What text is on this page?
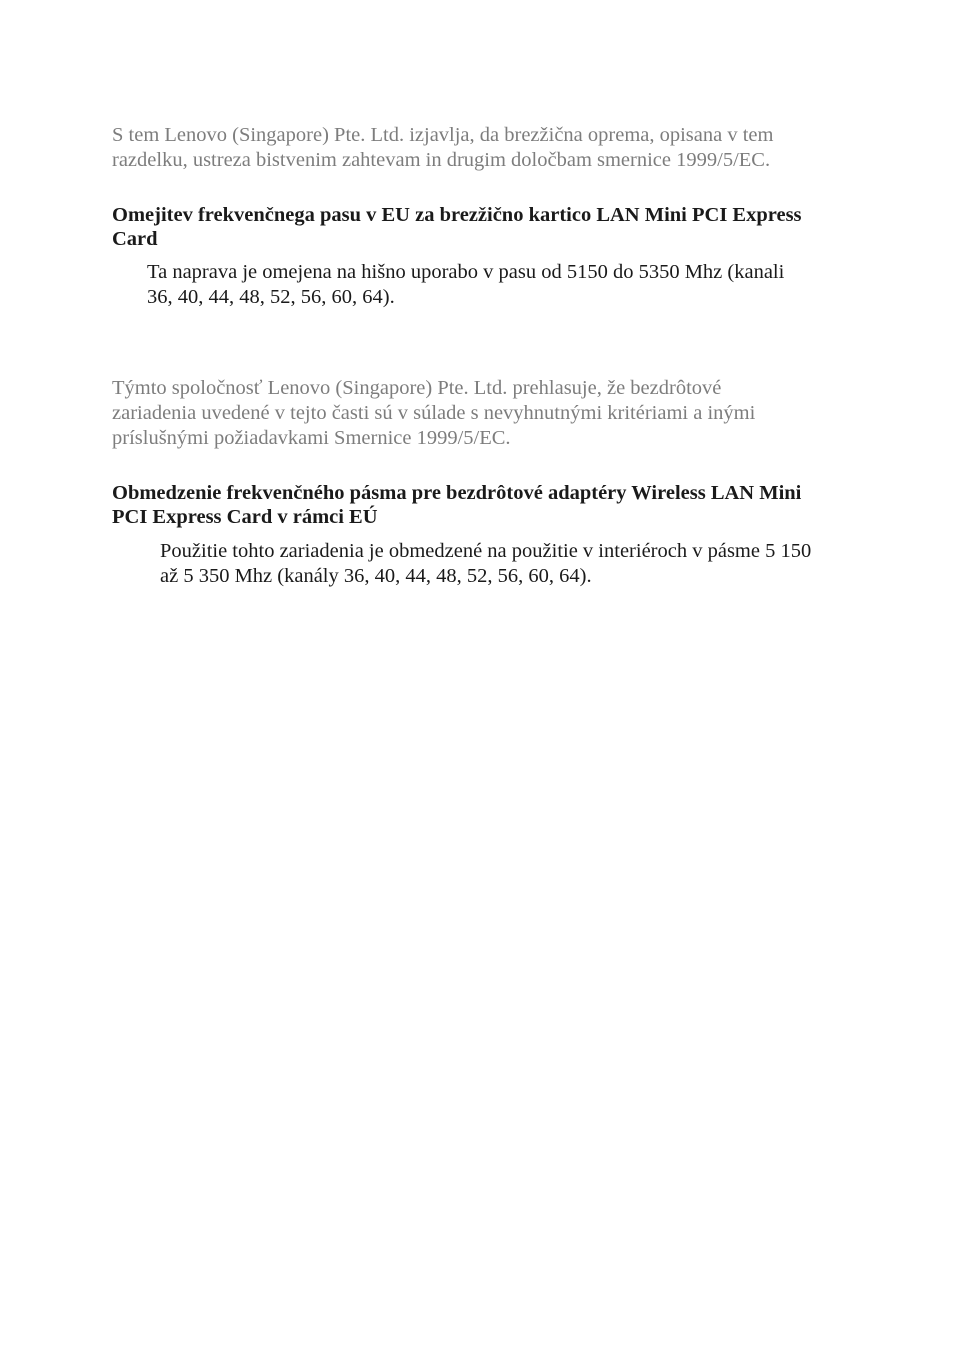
S tem Lenovo (Singapore) Pte. Ltd. izjavlja, da brezžična oprema, opisana v tem
razdelku, ustreza bistvenim zahtevam in drugim določbam smernice 1999/5/EC.

Omejitev frekvenčnega pasu v EU za brezžično kartico LAN Mini PCI Express
Card

Ta naprava je omejena na hišno uporabo v pasu od 5150 do 5350 Mhz (kanali
36, 40, 44, 48, 52, 56, 60, 64).

Týmto spoločnosť Lenovo (Singapore) Pte. Ltd. prehlasuje, že bezdrôtové
zariadenia uvedené v tejto časti sú v súlade s nevyhnutnými kritériami a inými
príslušnými požiadavkami Smernice 1999/5/EC.

Obmedzenie frekvenčného pásma pre bezdrôtové adaptéry Wireless LAN Mini
PCI Express Card v rámci EÚ

Použitie tohto zariadenia je obmedzené na použitie v interiéroch v pásme 5 150
až 5 350 Mhz (kanály 36, 40, 44, 48, 52, 56, 60, 64).
